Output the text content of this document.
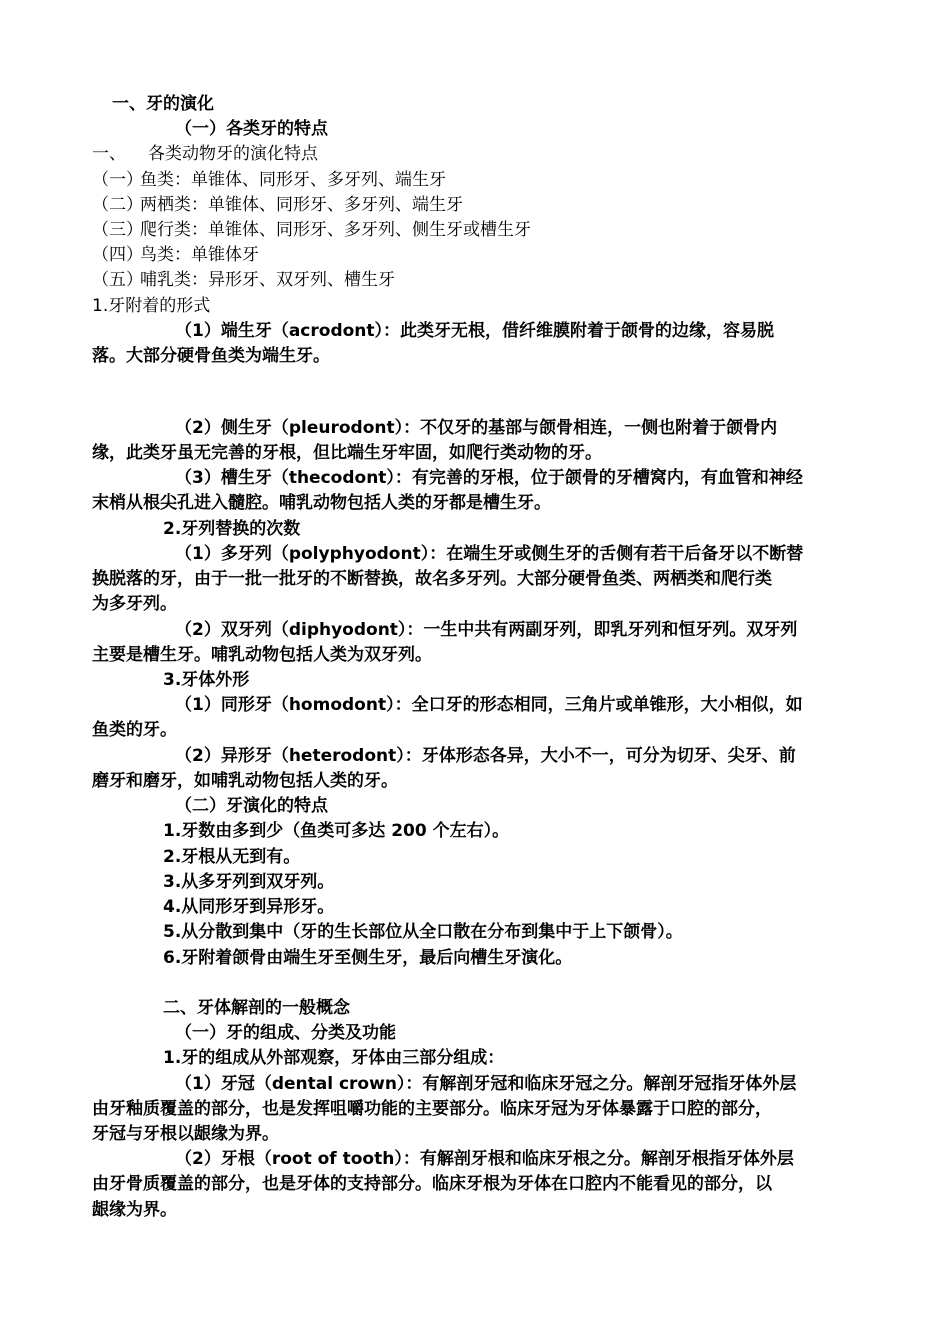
一、牙的演化
（一）各类牙的特点
一、 各类动物牙的演化特点
（一）鱼类：单锥体、同形牙、多牙列、端生牙
（二）两栖类：单锥体、同形牙、多牙列、端生牙
（三）爬行类：单锥体、同形牙、多牙列、侧生牙或槽生牙
（四）鸟类：单锥体牙
（五）哺乳类：异形牙、双牙列、槽生牙
1.牙附着的形式
（1）端生牙（acrodont）：此类牙无根，借纤维膜附着于颌骨的边缘，容易脱
落。大部分硬骨鱼类为端生牙。
（2）侧生牙（pleurodont）：不仅牙的基部与颌骨相连，一侧也附着于颌骨内
缘，此类牙虽无完善的牙根，但比端生牙牢固，如爬行类动物的牙。
（3）槽生牙（thecodont）：有完善的牙根，位于颌骨的牙槽窝内，有血管和神经
末梢从根尖孔进入髓腔。哺乳动物包括人类的牙都是槽生牙。
2.牙列替换的次数
（1）多牙列（polyphyodont）：在端生牙或侧生牙的舌侧有若干后备牙以不断替
换脱落的牙，由于一批一批牙的不断替换，故名多牙列。大部分硬骨鱼类、两栖类和爬行类
为多牙列。
（2）双牙列（diphyodont）：一生中共有两副牙列，即乳牙列和恒牙列。双牙列
主要是槽生牙。哺乳动物包括人类为双牙列。
3.牙体外形
（1）同形牙（homodont）：全口牙的形态相同，三角片或单锥形，大小相似，如
鱼类的牙。
（2）异形牙（heterodont）：牙体形态各异，大小不一，可分为切牙、尖牙、前
磨牙和磨牙，如哺乳动物包括人类的牙。
（二）牙演化的特点
1.牙数由多到少（鱼类可多达 200 个左右）。
2.牙根从无到有。
3.从多牙列到双牙列。
4.从同形牙到异形牙。
5.从分散到集中（牙的生长部位从全口散在分布到集中于上下颌骨）。
6.牙附着颌骨由端生牙至侧生牙，最后向槽生牙演化。
二、牙体解剖的一般概念
（一）牙的组成、分类及功能
1.牙的组成从外部观察，牙体由三部分组成：
（1）牙冠（dental crown）：有解剖牙冠和临床牙冠之分。解剖牙冠指牙体外层
由牙釉质覆盖的部分，也是发挥咀嚼功能的主要部分。临床牙冠为牙体暴露于口腔的部分，
牙冠与牙根以龈缘为界。
（2）牙根（root of tooth）：有解剖牙根和临床牙根之分。解剖牙根指牙体外层
由牙骨质覆盖的部分，也是牙体的支持部分。临床牙根为牙体在口腔内不能看见的部分，以
龈缘为界。
